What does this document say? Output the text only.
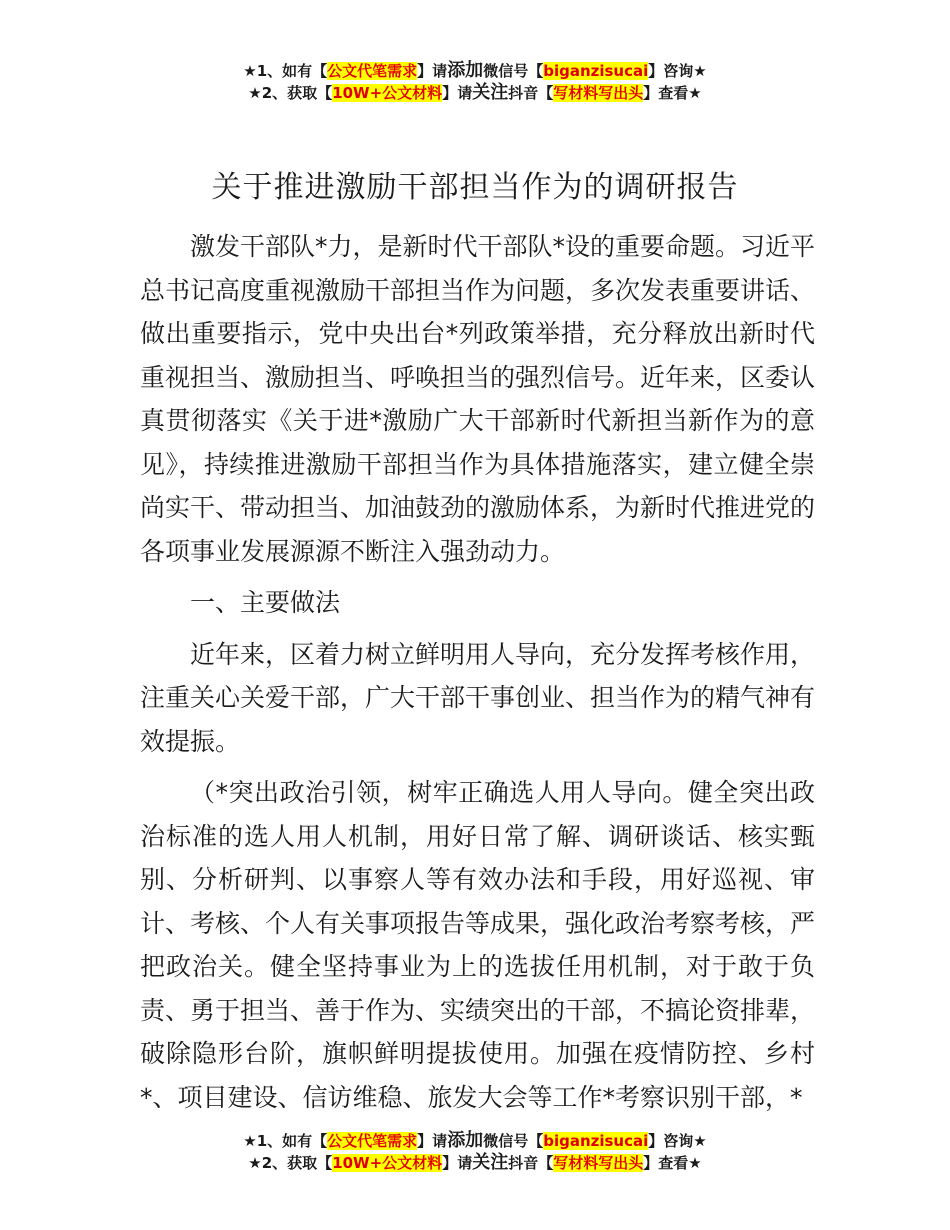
★1、如有【公文代笔需求】请添加微信号【biganzisucai】咨询★
★2、获取【10W+公文材料】请关注抖音【写材料写出头】查看★
关于推进激励干部担当作为的调研报告

激发干部队*力，是新时代干部队*设的重要命题。习近平总书记高度重视激励干部担当作为问题，多次发表重要讲话、做出重要指示，党中央出台*列政策举措，充分释放出新时代重视担当、激励担当、呼唤担当的强烈信号。近年来，区委认真贯彻落实《关于进*激励广大干部新时代新担当新作为的意见》，持续推进激励干部担当作为具体措施落实，建立健全崇尚实干、带动担当、加油鼓劲的激励体系，为新时代推进党的各项事业发展源源不断注入强劲动力。

一、主要做法

近年来，区着力树立鲜明用人导向，充分发挥考核作用，注重关心关爱干部，广大干部干事创业、担当作为的精气神有效提振。

（*突出政治引领，树牢正确选人用人导向。健全突出政治标准的选人用人机制，用好日常了解、调研谈话、核实甄别、分析研判、以事察人等有效办法和手段，用好巡视、审计、考核、个人有关事项报告等成果，强化政治考察考核，严把政治关。健全坚持事业为上的选拔任用机制，对于敢于负责、勇于担当、善于作为、实绩突出的干部，不搞论资排辈，破除隐形台阶，旗帜鲜明提拔使用。加强在疫情防控、乡村*、项目建设、信访维稳、旅发大会等工作*考察识别干部，*

★1、如有【公文代笔需求】请添加微信号【biganzisucai】咨询★
★2、获取【10W+公文材料】请关注抖音【写材料写出头】查看★
